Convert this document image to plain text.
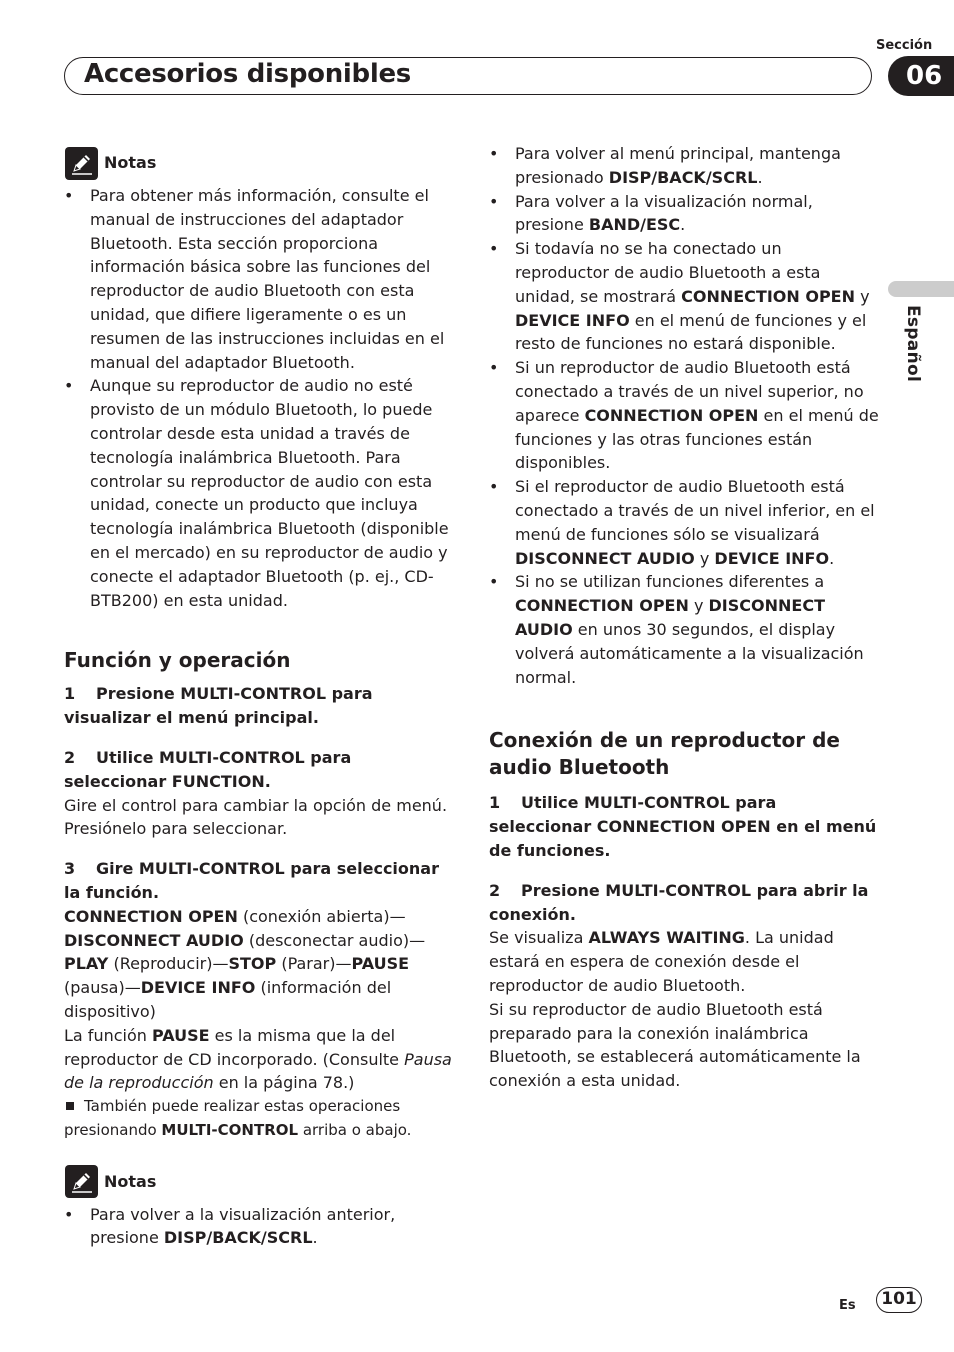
Sección
Accesorios disponibles	06
Español
Notas
• Para obtener más información, consulte el manual de instrucciones del adaptador Bluetooth. Esta sección proporciona información básica sobre las funciones del reproductor de audio Bluetooth con esta unidad, que difiere ligeramente o es un resumen de las instrucciones incluidas en el manual del adaptador Bluetooth.
• Aunque su reproductor de audio no esté provisto de un módulo Bluetooth, lo puede controlar desde esta unidad a través de tecnología inalámbrica Bluetooth. Para controlar su reproductor de audio con esta unidad, conecte un producto que incluya tecnología inalámbrica Bluetooth (disponible en el mercado) en su reproductor de audio y conecte el adaptador Bluetooth (p. ej., CD-BTB200) en esta unidad.
Función y operación
1 Presione MULTI-CONTROL para visualizar el menú principal.
2 Utilice MULTI-CONTROL para seleccionar FUNCTION.

Gire el control para cambiar la opción de menú. Presiónelo para seleccionar.

3 Gire MULTI-CONTROL para seleccionar la función.

CONNECTION OPEN (conexión abierta)— DISCONNECT AUDIO (desconectar audio)— PLAY (Reproducir)—STOP (Parar)—PAUSE (pausa)—DEVICE INFO (información del dispositivo)

La función PAUSE es la misma que la del reproductor de CD incorporado. (Consulte Pausa de la reproducción en la página 78.)

También puede realizar estas operaciones presionando MULTI-CONTROL arriba o abajo.

Notas
• Para volver a la visualización anterior, presione DISP/BACK/SCRL.
• Para volver al menú principal, mantenga presionado DISP/BACK/SCRL.
• Para volver a la visualización normal, presione BAND/ESC.
• Si todavía no se ha conectado un reproductor de audio Bluetooth a esta unidad, se mostrará CONNECTION OPEN y DEVICE INFO en el menú de funciones y el resto de funciones no estará disponible.
• Si un reproductor de audio Bluetooth está conectado a través de un nivel superior, no aparece CONNECTION OPEN en el menú de funciones y las otras funciones están disponibles.
• Si el reproductor de audio Bluetooth está conectado a través de un nivel inferior, en el menú de funciones sólo se visualizará DISCONNECT AUDIO y DEVICE INFO.
• Si no se utilizan funciones diferentes a CONNECTION OPEN y DISCONNECT AUDIO en unos 30 segundos, el display volverá automáticamente a la visualización normal.
Conexión de un reproductor de audio Bluetooth
1 Utilice MULTI-CONTROL para seleccionar CONNECTION OPEN en el menú de funciones.
2 Presione MULTI-CONTROL para abrir la conexión.

Se visualiza ALWAYS WAITING. La unidad estará en espera de conexión desde el reproductor de audio Bluetooth.

Si su reproductor de audio Bluetooth está preparado para la conexión inalámbrica Bluetooth, se establecerá automáticamente la conexión a esta unidad.

Es	101
